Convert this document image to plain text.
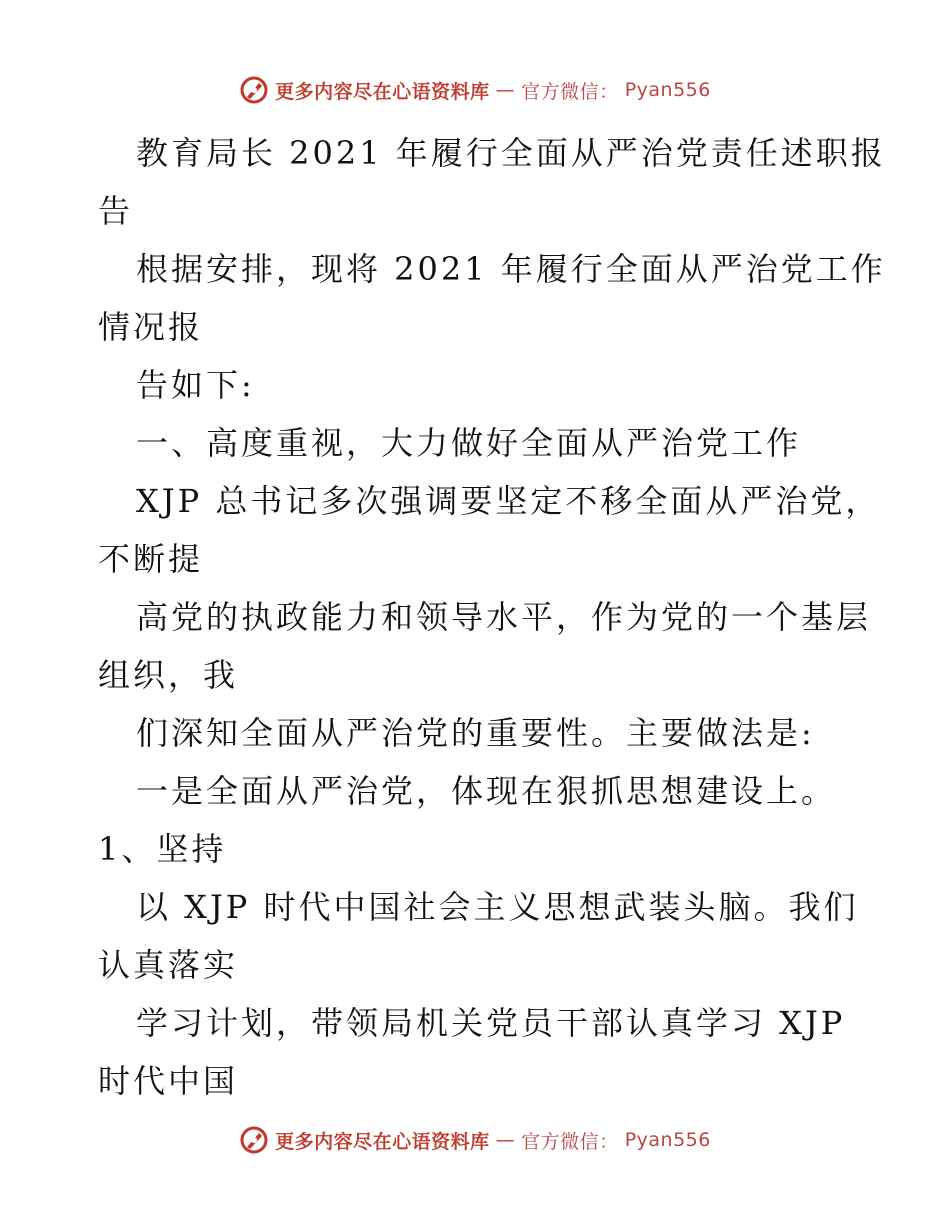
更多内容尽在心语资料库 — 官方微信： Pyan556

教育局长 2021 年履行全面从严治党责任述职报

告

根据安排，现将 2021 年履行全面从严治党工作

情况报

告如下:

一、高度重视，大力做好全面从严治党工作

XJP 总书记多次强调要坚定不移全面从严治党，

不断提

高党的执政能力和领导水平，作为党的一个基层

组织，我

们深知全面从严治党的重要性。主要做法是:

一是全面从严治党，体现在狠抓思想建设上。

1、坚持

以 XJP 时代中国社会主义思想武装头脑。我们

认真落实

学习计划，带领局机关党员干部认真学习 XJP

时代中国

更多内容尽在心语资料库 — 官方微信： Pyan556
